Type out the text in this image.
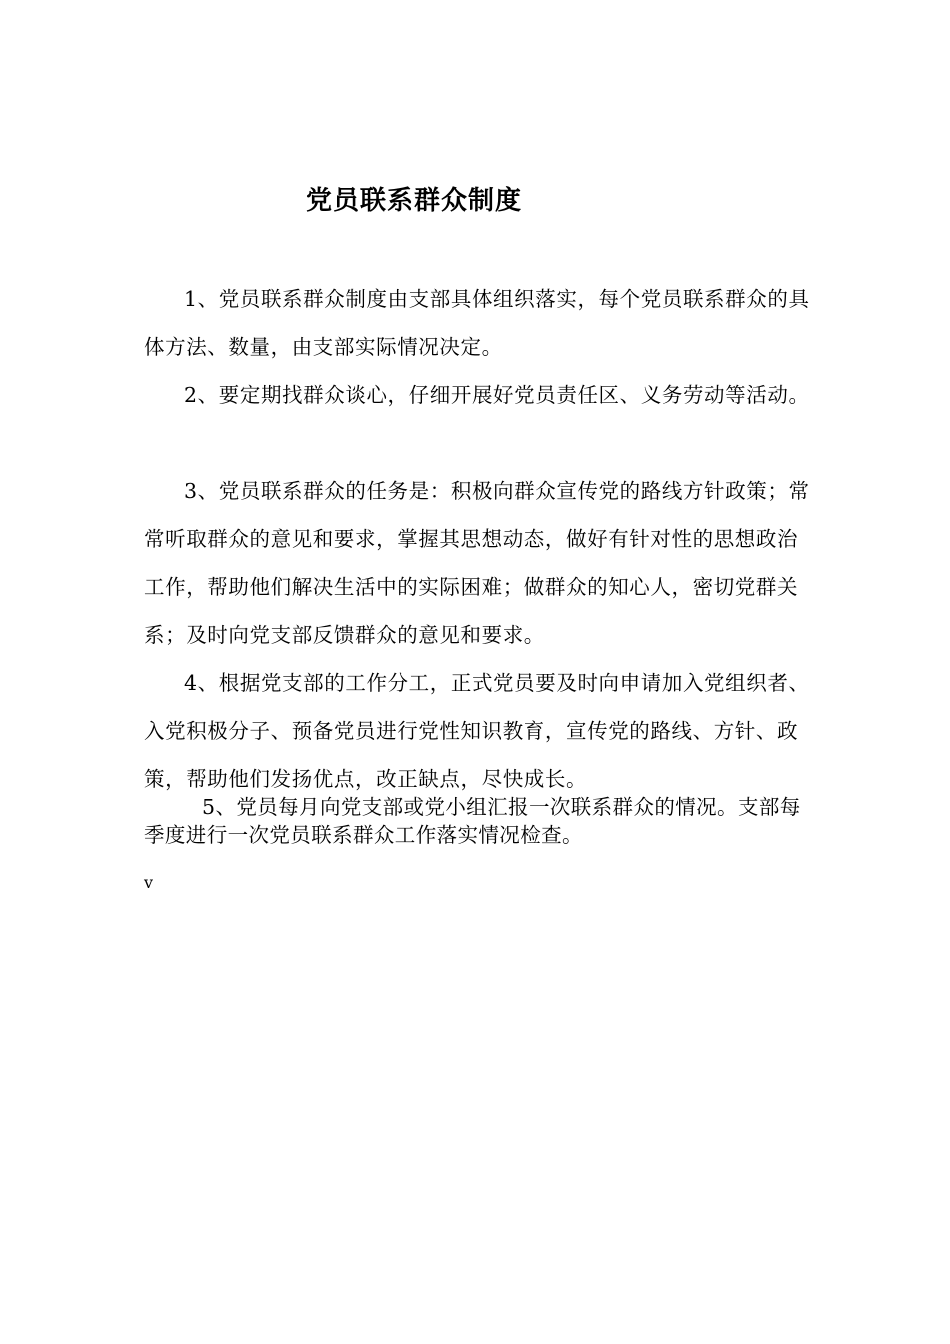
党员联系群众制度

1、党员联系群众制度由支部具体组织落实，每个党员联系群众的具体方法、数量，由支部实际情况决定。

2、要定期找群众谈心，仔细开展好党员责任区、义务劳动等活动。

3、党员联系群众的任务是：积极向群众宣传党的路线方针政策；常常听取群众的意见和要求，掌握其思想动态，做好有针对性的思想政治工作，帮助他们解决生活中的实际困难；做群众的知心人，密切党群关系；及时向党支部反馈群众的意见和要求。

4、根据党支部的工作分工，正式党员要及时向申请加入党组织者、入党积极分子、预备党员进行党性知识教育，宣传党的路线、方针、政策，帮助他们发扬优点，改正缺点，尽快成长。

5、党员每月向党支部或党小组汇报一次联系群众的情况。支部每季度进行一次党员联系群众工作落实情况检查。

v
